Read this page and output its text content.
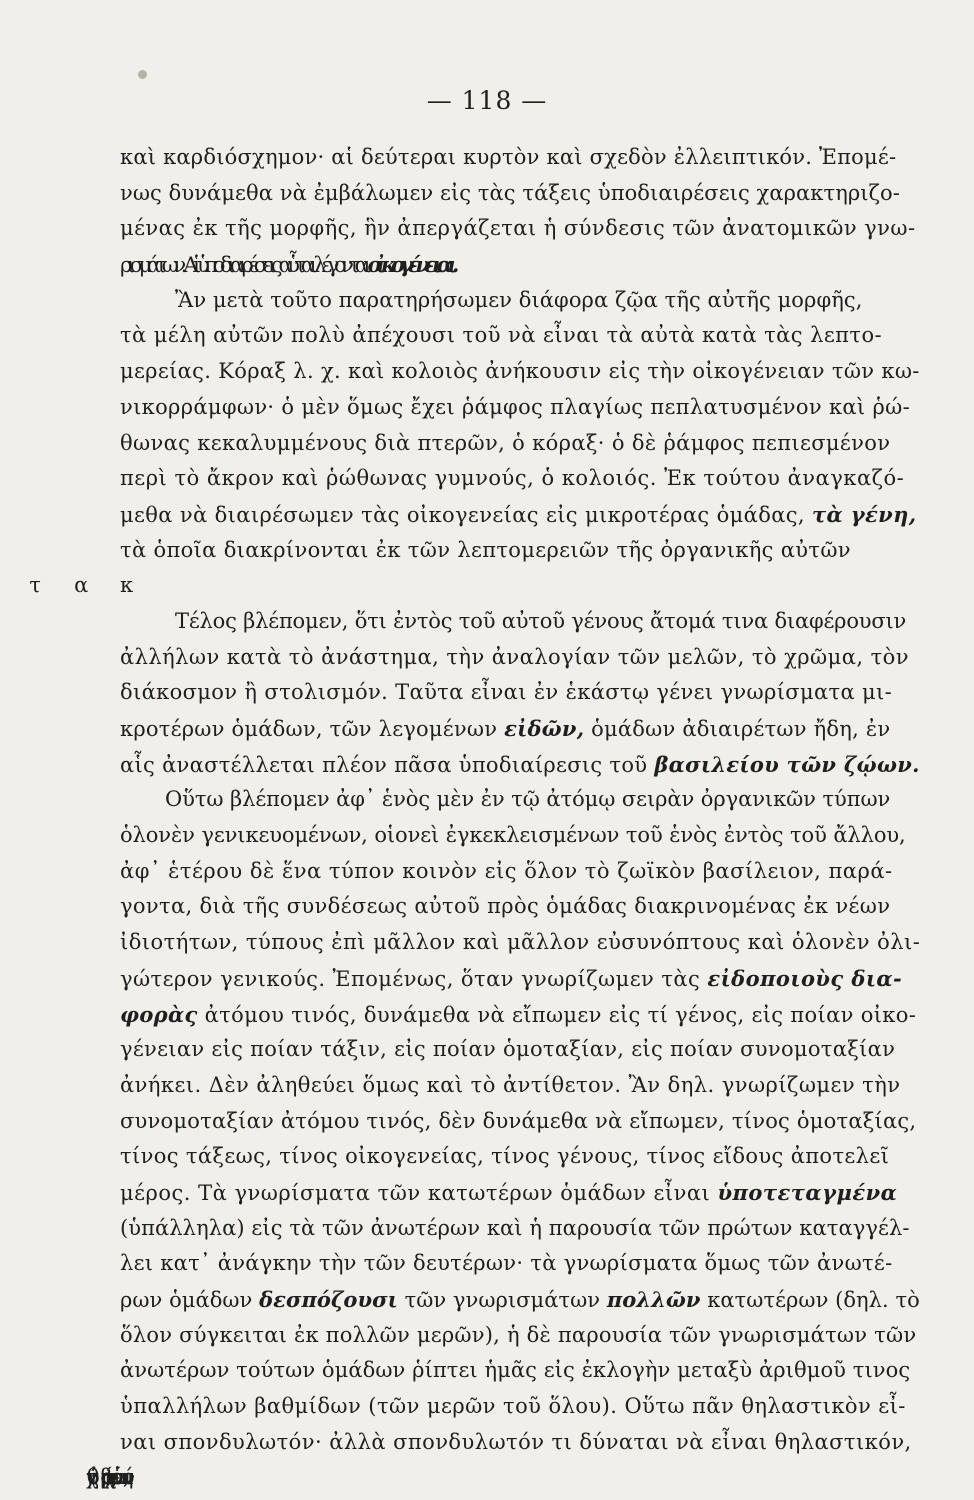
— 118 —
καὶ καρδιόσχημον· αἱ δεύτεραι κυρτὸν καὶ σχεδὸν ἐλλειπτικόν. Ἐπομέ-
νως δυνάμεθα νὰ ἐμβάλωμεν εἰς τὰς τάξεις ὑποδιαιρέσεις χαρακτηριζο-
μένας ἐκ τῆς μορφῆς, ἣν ἀπεργάζεται ἡ σύνδεσις τῶν ἀνατομικῶν γνω-
ρισμάτων. Αἱ ὑποδιαιρέσεις αὗται λέγονται οἰκογένειαι.
Ἂν μετὰ τοῦτο παρατηρήσωμεν διάφορα ζῷα τῆς αὐτῆς μορφῆς,
τὰ μέλη αὐτῶν πολὺ ἀπέχουσι τοῦ νὰ εἶναι τὰ αὐτὰ κατὰ τὰς λεπτο-
μερείας. Κόραξ λ. χ. καὶ κολοιὸς ἀνήκουσιν εἰς τὴν οἰκογένειαν τῶν κω-
νικορράμφων· ὁ μὲν ὅμως ἔχει ῥάμφος πλαγίως πεπλατυσμένον καὶ ῥώ-
θωνας κεκαλυμμένους διὰ πτερῶν, ὁ κόραξ· ὁ δὲ ῥάμφος πεπιεσμένον
περὶ τὸ ἄκρον καὶ ῥώθωνας γυμνούς, ὁ κολοιός. Ἐκ τούτου ἀναγκαζό-
μεθα νὰ διαιρέσωμεν τὰς οἰκογενείας εἰς μικροτέρας ὁμάδας, τὰ γένη,
τὰ ὁποῖα διακρίνονται ἐκ τῶν λεπτομερειῶν τῆς ὀργανικῆς αὐτῶν
Τέλος βλέπομεν, ὅτι ἐντὸς τοῦ αὐτοῦ γένους ἄτομά τινα διαφέρουσιν
ἀλλήλων κατὰ τὸ ἀνάστημα, τὴν ἀναλογίαν τῶν μελῶν, τὸ χρῶμα, τὸν
διάκοσμον ἢ στολισμόν. Ταῦτα εἶναι ἐν ἑκάστῳ γένει γνωρίσματα μι-
κροτέρων ὁμάδων, τῶν λεγομένων εἰδῶν, ὁμάδων ἀδιαιρέτων ἤδη, ἐν
αἷς ἀναστέλλεται πλέον πᾶσα ὑποδιαίρεσις τοῦ βασιλείου τῶν ζῴων.
Οὕτω βλέπομεν ἀφ᾽ ἑνὸς μὲν ἐν τῷ ἀτόμῳ σειρὰν ὀργανικῶν τύπων
ὁλονὲν γενικευομένων, οἱονεὶ ἐγκεκλεισμένων τοῦ ἑνὸς ἐντὸς τοῦ ἄλλου,
ἀφ᾽ ἑτέρου δὲ ἕνα τύπον κοινὸν εἰς ὅλον τὸ ζωϊκὸν βασίλειον, παρά-
γοντα, διὰ τῆς συνδέσεως αὐτοῦ πρὸς ὁμάδας διακρινομένας ἐκ νέων
ἰδιοτήτων, τύπους ἐπὶ μᾶλλον καὶ μᾶλλον εὐσυνόπτους καὶ ὁλονὲν ὀλι-
γώτερον γενικούς. Ἐπομένως, ὅταν γνωρίζωμεν τὰς εἰδοποιοὺς δια-
φορὰς ἀτόμου τινός, δυνάμεθα νὰ εἴπωμεν εἰς τί γένος, εἰς ποίαν οἰκο-
γένειαν εἰς ποίαν τάξιν, εἰς ποίαν ὁμοταξίαν, εἰς ποίαν συνομοταξίαν
ἀνήκει. Δὲν ἀληθεύει ὅμως καὶ τὸ ἀντίθετον. Ἂν δηλ. γνωρίζωμεν τὴν
συνομοταξίαν ἀτόμου τινός, δὲν δυνάμεθα νὰ εἴπωμεν, τίνος ὁμοταξίας,
τίνος τάξεως, τίνος οἰκογενείας, τίνος γένους, τίνος εἴδους ἀποτελεῖ
μέρος. Τὰ γνωρίσματα τῶν κατωτέρων ὁμάδων εἶναι ὑποτεταγμένα
(ὑπάλληλα) εἰς τὰ τῶν ἀνωτέρων καὶ ἡ παρουσία τῶν πρώτων καταγγέλ-
λει κατ᾽ ἀνάγκην τὴν τῶν δευτέρων· τὰ γνωρίσματα ὅμως τῶν ἀνωτέ-
ρων ὁμάδων δεσπόζουσι τῶν γνωρισμάτων πολλῶν κατωτέρων (δηλ. τὸ
ὅλον σύγκειται ἐκ πολλῶν μερῶν), ἡ δὲ παρουσία τῶν γνωρισμάτων τῶν
ἀνωτέρων τούτων ὁμάδων ῥίπτει ἡμᾶς εἰς ἐκλογὴν μεταξὺ ἀριθμοῦ τινος
ὑπαλλήλων βαθμίδων (τῶν μερῶν τοῦ ὅλου). Οὕτω πᾶν θηλαστικὸν εἶ-
ναι σπονδυλωτόν· ἀλλὰ σπονδυλωτόν τι δύναται νὰ εἶναι θηλαστικόν,
